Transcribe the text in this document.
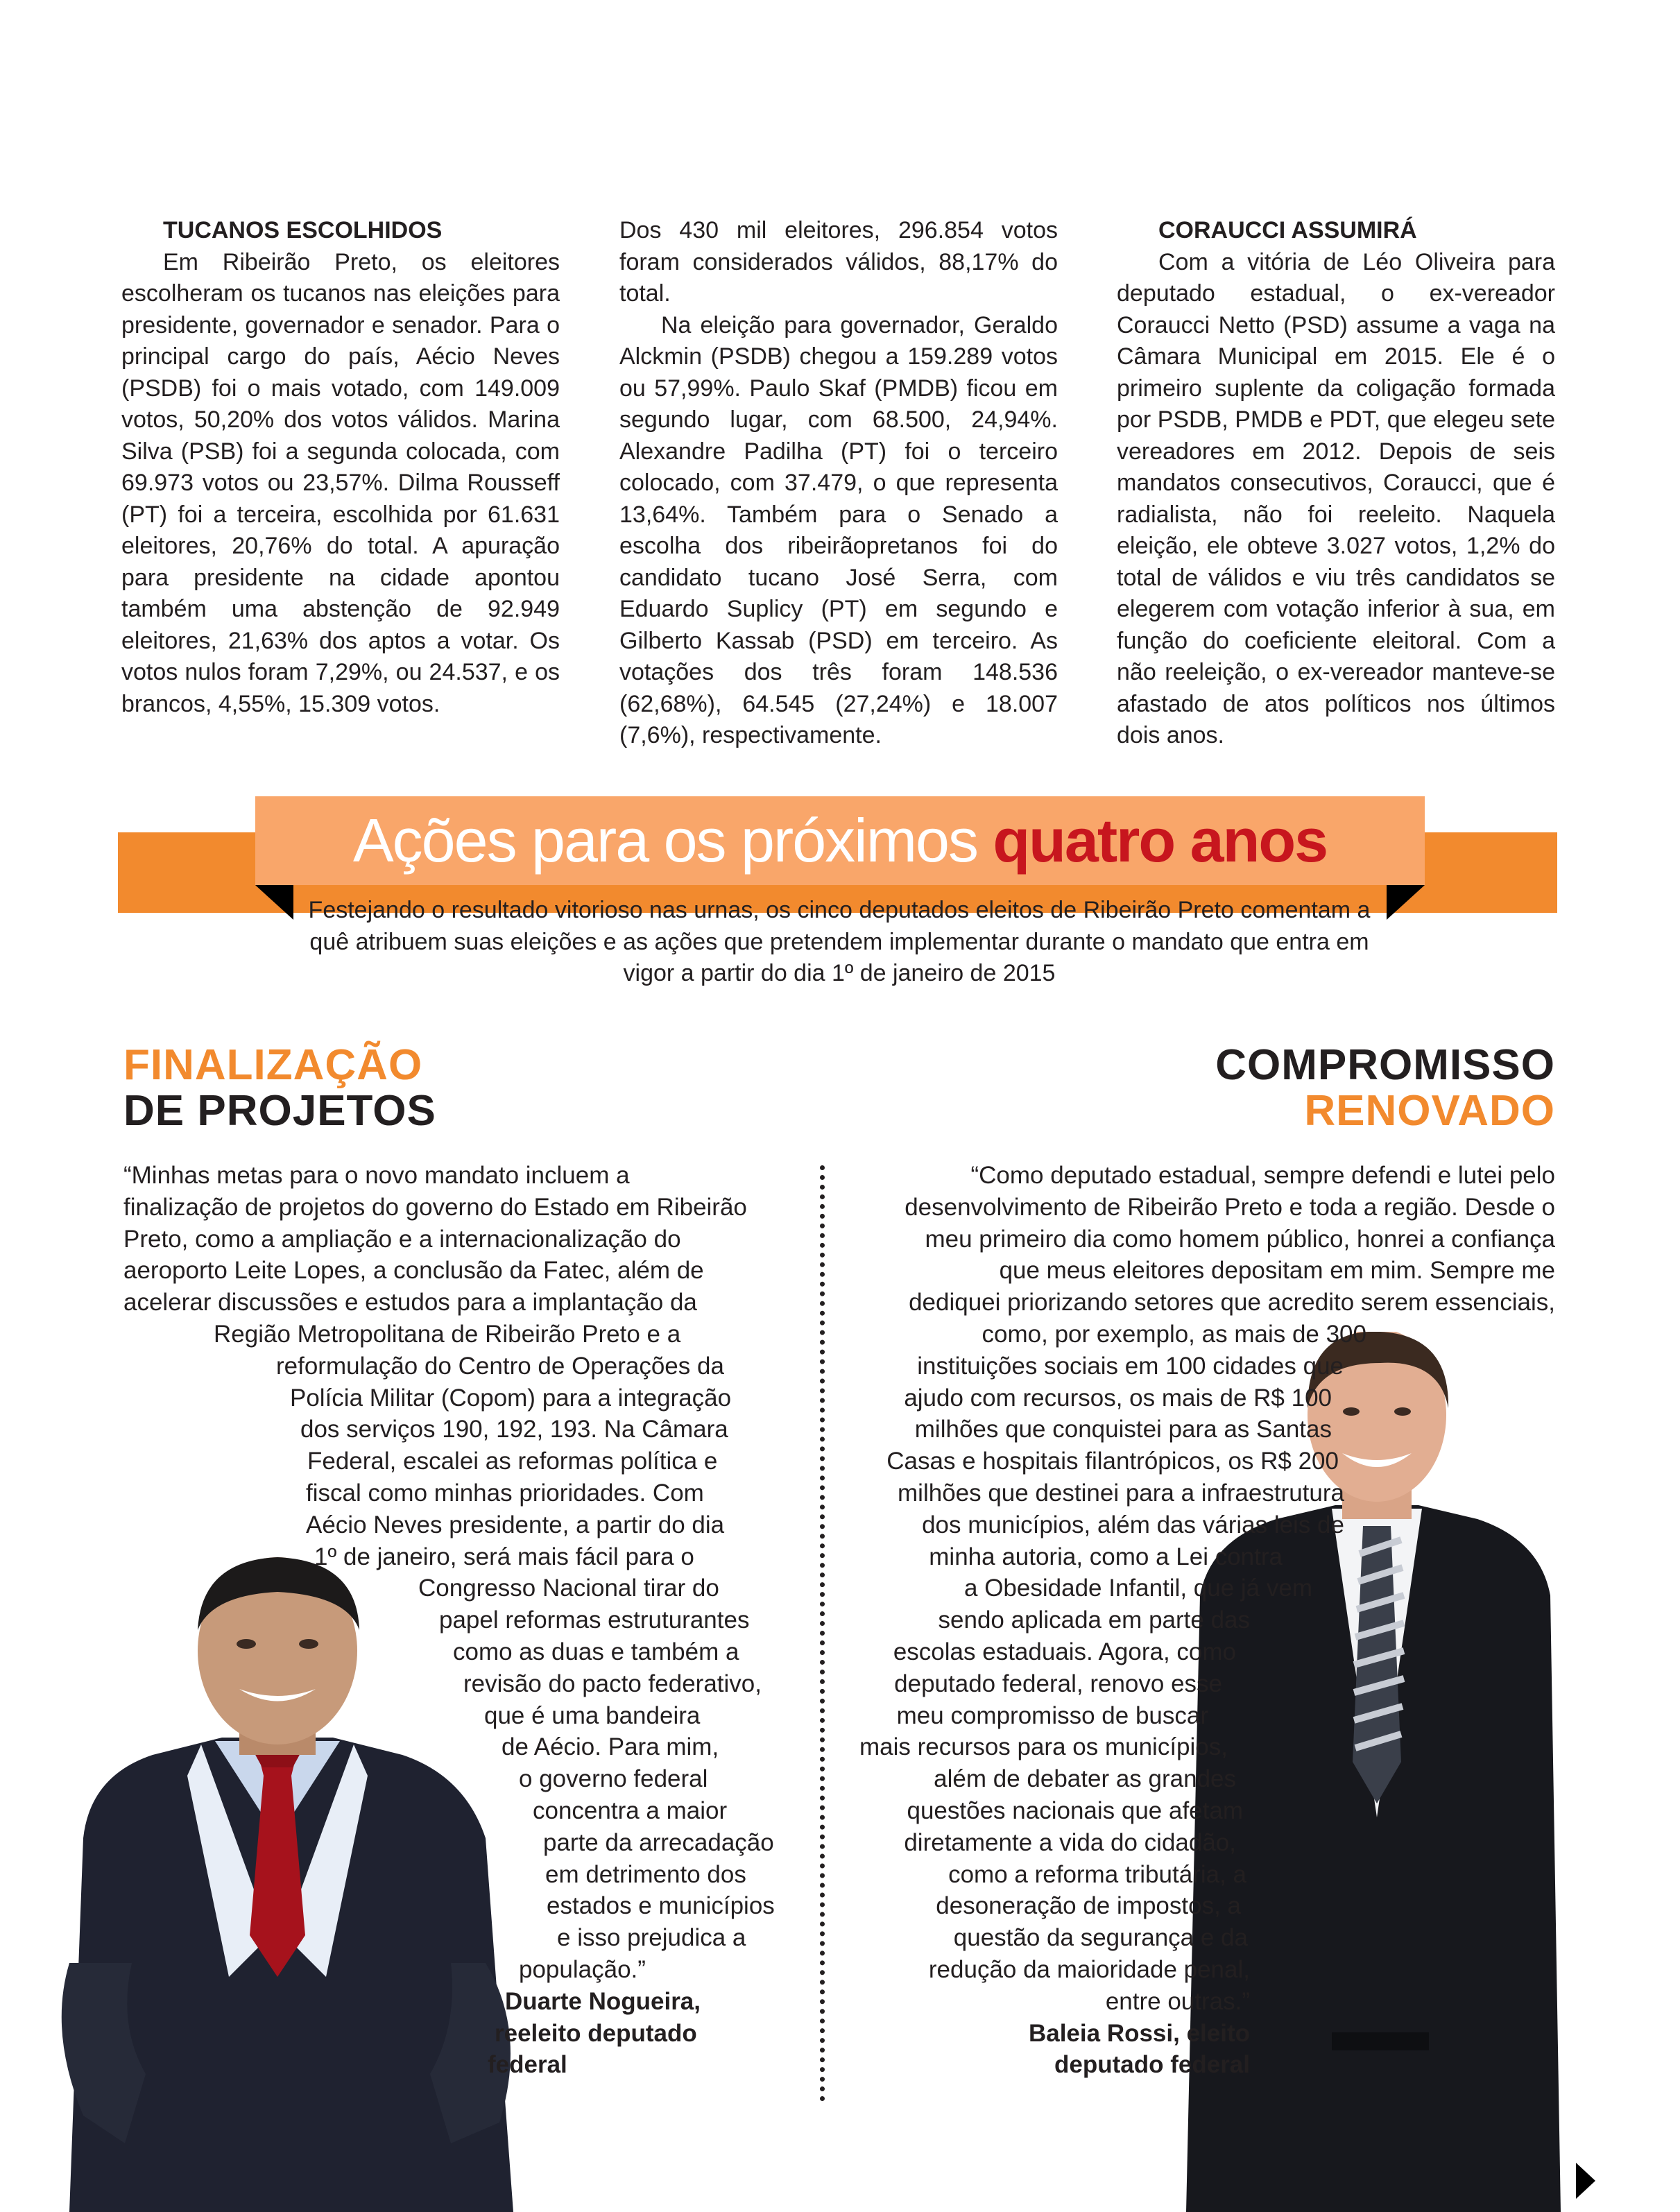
TUCANOS ESCOLHIDOS

Em Ribeirão Preto, os eleitores escolheram os tucanos nas eleições para presidente, governador e senador. Para o principal cargo do país, Aécio Neves (PSDB) foi o mais votado, com 149.009 votos, 50,20% dos votos válidos. Marina Silva (PSB) foi a segunda colocada, com 69.973 votos ou 23,57%. Dilma Rousseff (PT) foi a terceira, escolhida por 61.631 eleitores, 20,76% do total. A apuração para presidente na cidade apontou também uma abstenção de 92.949 eleitores, 21,63% dos aptos a votar. Os votos nulos foram 7,29%, ou 24.537, e os brancos, 4,55%, 15.309 votos.

Dos 430 mil eleitores, 296.854 votos foram considerados válidos, 88,17% do total.

Na eleição para governador, Geraldo Alckmin (PSDB) chegou a 159.289 votos ou 57,99%. Paulo Skaf (PMDB) ficou em segundo lugar, com 68.500, 24,94%. Alexandre Padilha (PT) foi o terceiro colocado, com 37.479, o que representa 13,64%. Também para o Senado a escolha dos ribeirãopretanos foi do candidato tucano José Serra, com Eduardo Suplicy (PT) em segundo e Gilberto Kassab (PSD) em terceiro. As votações dos três foram 148.536 (62,68%), 64.545 (27,24%) e 18.007 (7,6%), respectivamente.

CORAUCCI ASSUMIRÁ

Com a vitória de Léo Oliveira para deputado estadual, o ex-vereador Coraucci Netto (PSD) assume a vaga na Câmara Municipal em 2015. Ele é o primeiro suplente da coligação formada por PSDB, PMDB e PDT, que elegeu sete vereadores em 2012. Depois de seis mandatos consecutivos, Coraucci, que é radialista, não foi reeleito. Naquela eleição, ele obteve 3.027 votos, 1,2% do total de válidos e viu três candidatos se elegerem com votação inferior à sua, em função do coeficiente eleitoral. Com a não reeleição, o ex-vereador manteve-se afastado de atos políticos nos últimos dois anos.

Ações para os próximos quatro anos
Festejando o resultado vitorioso nas urnas, os cinco deputados eleitos de Ribeirão Preto comentam a quê atribuem suas eleições e as ações que pretendem implementar durante o mandato que entra em vigor a partir do dia 1º de janeiro de 2015
FINALIZAÇÃO
DE PROJETOS
COMPROMISSO
RENOVADO
“Minhas metas para o novo mandato incluem a
finalização de projetos do governo do Estado em Ribeirão
Preto, como a ampliação e a internacionalização do
aeroporto Leite Lopes, a conclusão da Fatec, além de
acelerar discussões e estudos para a implantação da
Região Metropolitana de Ribeirão Preto e a
reformulação do Centro de Operações da
Polícia Militar (Copom) para a integração
dos serviços 190, 192, 193. Na Câmara
Federal, escalei as reformas política e
fiscal como minhas prioridades. Com
Aécio Neves presidente, a partir do dia
1º de janeiro, será mais fácil para o
Congresso Nacional tirar do
papel reformas estruturantes
como as duas e também a
revisão do pacto federativo,
que é uma bandeira
de Aécio. Para mim,
o governo federal
concentra a maior
parte da arrecadação
em detrimento dos
estados e municípios
e isso prejudica a
população.”
Duarte Nogueira,
reeleito deputado
federal
“Como deputado estadual, sempre defendi e lutei pelo
desenvolvimento de Ribeirão Preto e toda a região. Desde o
meu primeiro dia como homem público, honrei a confiança
que meus eleitores depositam em mim. Sempre me
dediquei priorizando setores que acredito serem essenciais,
como, por exemplo, as mais de 300
instituições sociais em 100 cidades que
ajudo com recursos, os mais de R$ 100
milhões que conquistei para as Santas
Casas e hospitais filantrópicos, os R$ 200
milhões que destinei para a infraestrutura
dos municípios, além das várias leis de
minha autoria, como a Lei contra
a Obesidade Infantil, que já vem
sendo aplicada em parte das
escolas estaduais. Agora, como
deputado federal, renovo esse
meu compromisso de buscar
mais recursos para os municípios,
além de debater as grandes
questões nacionais que afetam
diretamente a vida do cidadão,
como a reforma tributária, a
desoneração de impostos, a
questão da segurança e da
redução da maioridade penal,
entre outras.”
Baleia Rossi, eleito
deputado federal
